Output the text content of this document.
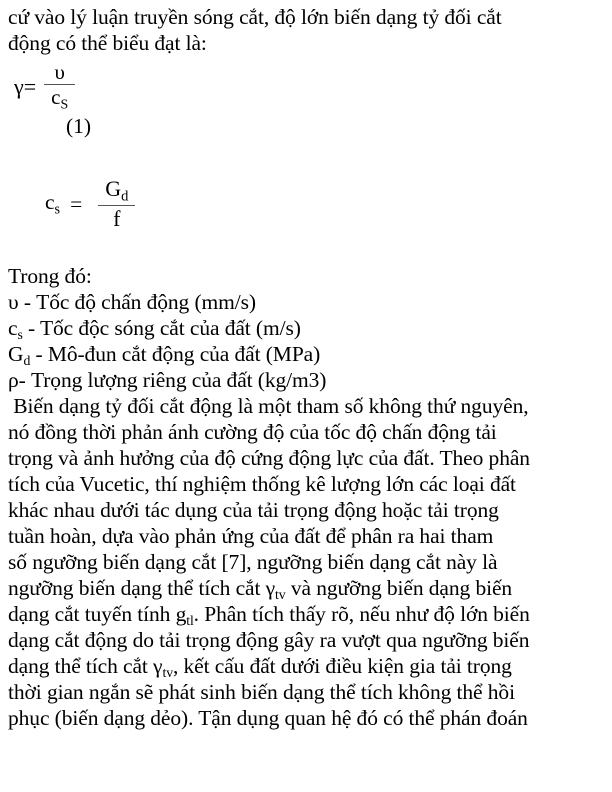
cứ vào lý luận truyền sóng cắt, độ lớn biến dạng tỷ đối cắt
động có thể biểu đạt là:
$\gamma= \frac{\upsilon}{c_S}$
(1)
$c_s = \frac{G_d}{f}$
Trong đó:
υ - Tốc độ chấn động (mm/s)
$c_s$ - Tốc độc sóng cắt của đất (m/s)
$G_d$ - Mô-đun cắt động của đất (MPa)
ρ- Trọng lượng riêng của đất (kg/m3)
Biến dạng tỷ đối cắt động là một tham số không thứ nguyên,
nó đồng thời phản ánh cường độ của tốc độ chấn động tải
trọng và ảnh hưởng của độ cứng động lực của đất. Theo phân
tích của Vucetic, thí nghiệm thống kê lượng lớn các loại đất
khác nhau dưới tác dụng của tải trọng động hoặc tải trọng
tuần hoàn, dựa vào phản ứng của đất để phân ra hai tham
số ngưỡng biến dạng cắt [7], ngưỡng biến dạng cắt này là
ngưỡng biến dạng thể tích cắt $\gamma_{tv}$ và ngưỡng biến dạng biến
dạng cắt tuyến tính $g_{tl}$. Phân tích thấy rõ, nếu như độ lớn biến
dạng cắt động do tải trọng động gây ra vượt qua ngưỡng biến
dạng thể tích cắt $\gamma_{tv}$, kết cấu đất dưới điều kiện gia tải trọng
thời gian ngắn sẽ phát sinh biến dạng thể tích không thể hồi
phục (biến dạng dẻo). Tận dụng quan hệ đó có thể phán đoán
